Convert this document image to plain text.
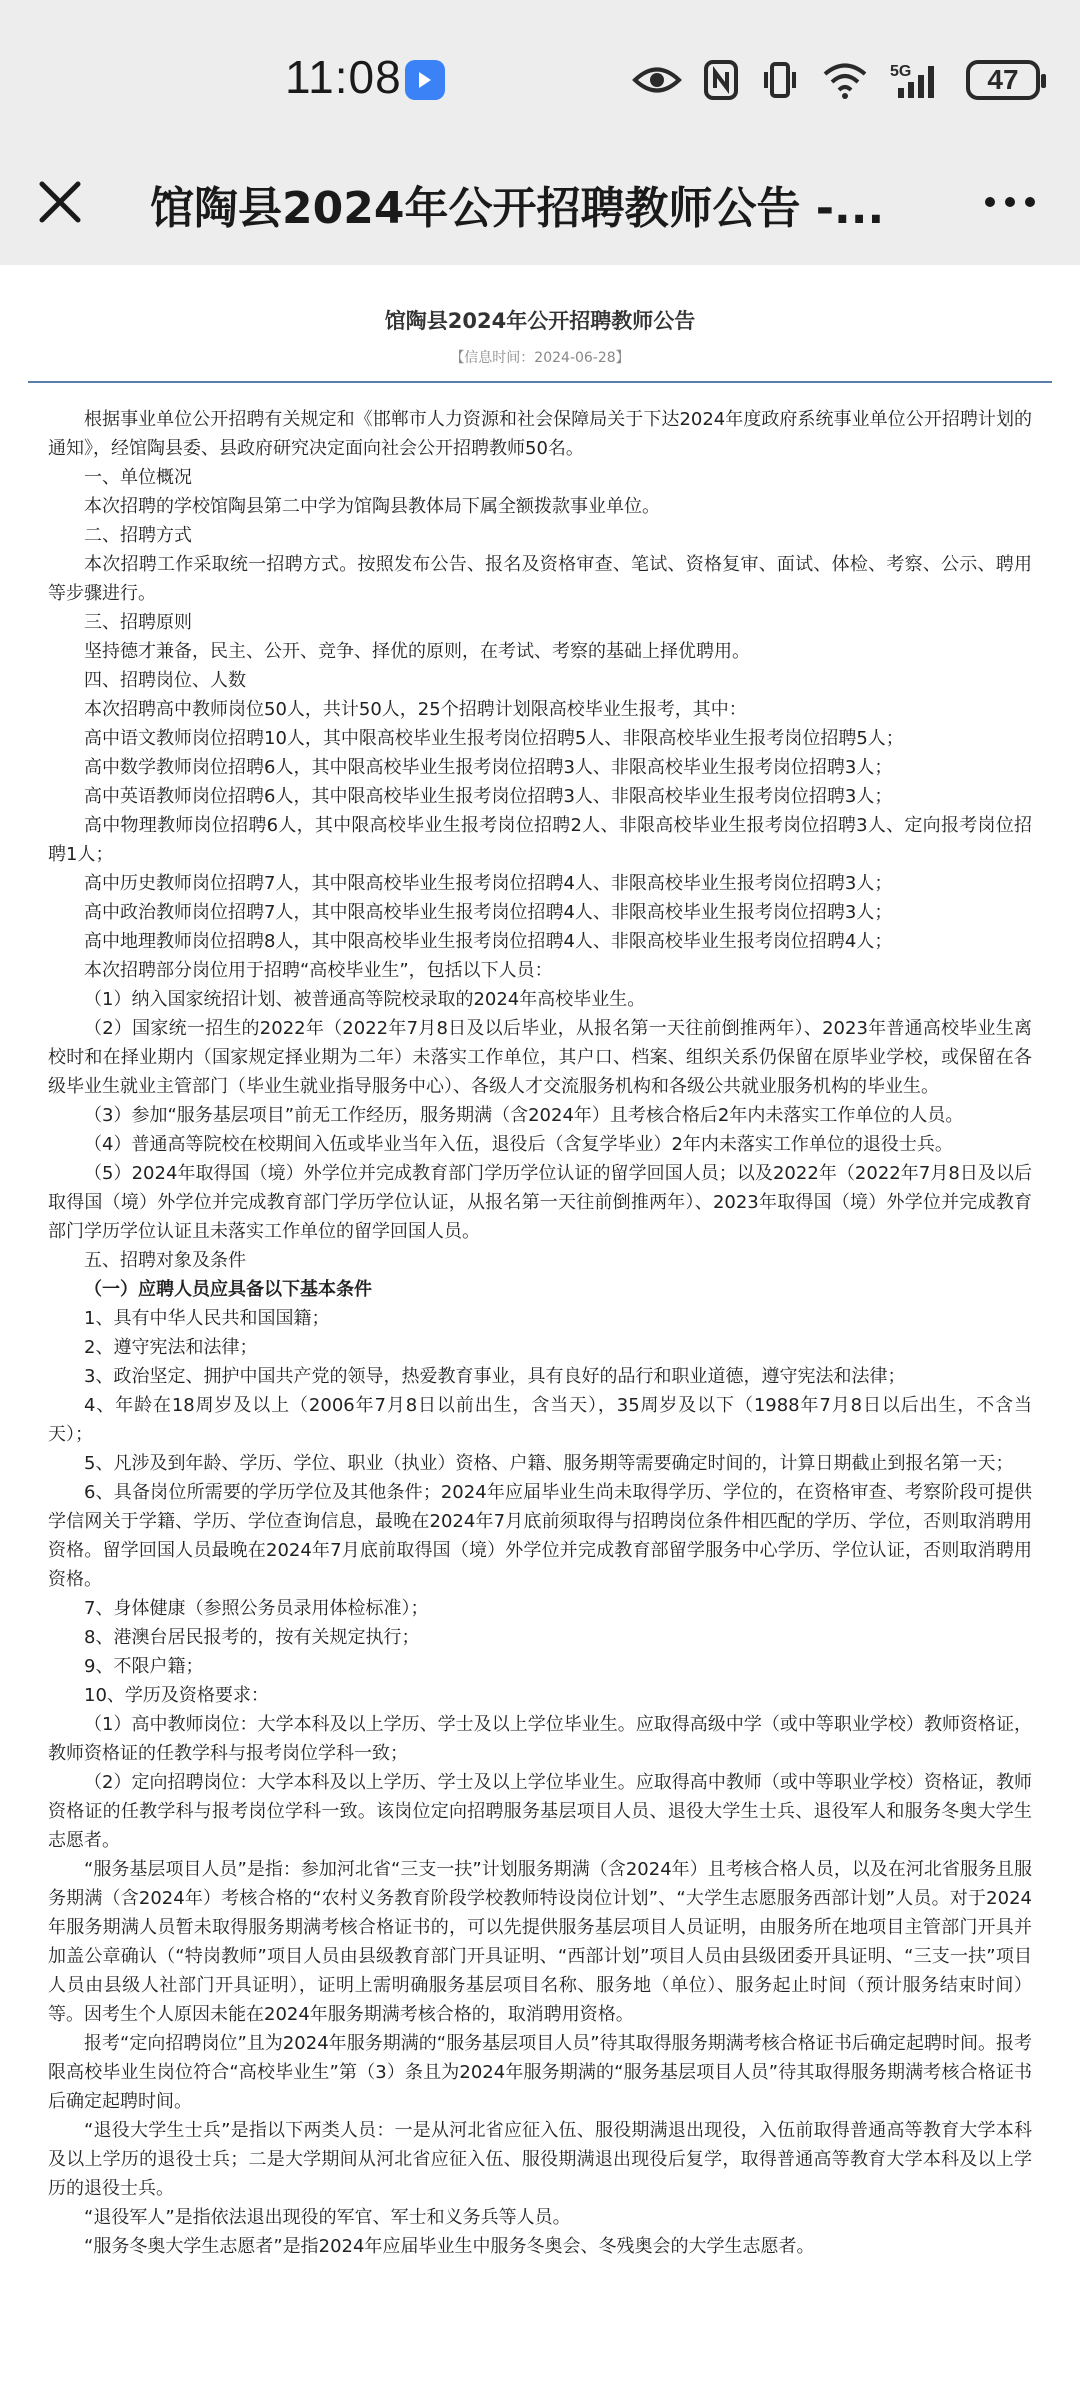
11:08	5G	47
馆陶县2024年公开招聘教师公告 -...
馆陶县2024年公开招聘教师公告
【信息时间：2024-06-28】

根据事业单位公开招聘有关规定和《邯郸市人力资源和社会保障局关于下达2024年度政府系统事业单位公开招聘计划的通知》，经馆陶县委、县政府研究决定面向社会公开招聘教师50名。

一、单位概况

本次招聘的学校馆陶县第二中学为馆陶县教体局下属全额拨款事业单位。

二、招聘方式

本次招聘工作采取统一招聘方式。按照发布公告、报名及资格审查、笔试、资格复审、面试、体检、考察、公示、聘用等步骤进行。

三、招聘原则

坚持德才兼备，民主、公开、竞争、择优的原则，在考试、考察的基础上择优聘用。

四、招聘岗位、人数

本次招聘高中教师岗位50人，共计50人，25个招聘计划限高校毕业生报考，其中：

高中语文教师岗位招聘10人，其中限高校毕业生报考岗位招聘5人、非限高校毕业生报考岗位招聘5人；

高中数学教师岗位招聘6人，其中限高校毕业生报考岗位招聘3人、非限高校毕业生报考岗位招聘3人；

高中英语教师岗位招聘6人，其中限高校毕业生报考岗位招聘3人、非限高校毕业生报考岗位招聘3人；

高中物理教师岗位招聘6人，其中限高校毕业生报考岗位招聘2人、非限高校毕业生报考岗位招聘3人、定向报考岗位招聘1人；

高中历史教师岗位招聘7人，其中限高校毕业生报考岗位招聘4人、非限高校毕业生报考岗位招聘3人；

高中政治教师岗位招聘7人，其中限高校毕业生报考岗位招聘4人、非限高校毕业生报考岗位招聘3人；

高中地理教师岗位招聘8人，其中限高校毕业生报考岗位招聘4人、非限高校毕业生报考岗位招聘4人；

本次招聘部分岗位用于招聘“高校毕业生”，包括以下人员：

（1）纳入国家统招计划、被普通高等院校录取的2024年高校毕业生。

（2）国家统一招生的2022年（2022年7月8日及以后毕业，从报名第一天往前倒推两年）、2023年普通高校毕业生离校时和在择业期内（国家规定择业期为二年）未落实工作单位，其户口、档案、组织关系仍保留在原毕业学校，或保留在各级毕业生就业主管部门（毕业生就业指导服务中心）、各级人才交流服务机构和各级公共就业服务机构的毕业生。

（3）参加“服务基层项目”前无工作经历，服务期满（含2024年）且考核合格后2年内未落实工作单位的人员。

（4）普通高等院校在校期间入伍或毕业当年入伍，退役后（含复学毕业）2年内未落实工作单位的退役士兵。

（5）2024年取得国（境）外学位并完成教育部门学历学位认证的留学回国人员；以及2022年（2022年7月8日及以后取得国（境）外学位并完成教育部门学历学位认证，从报名第一天往前倒推两年）、2023年取得国（境）外学位并完成教育部门学历学位认证且未落实工作单位的留学回国人员。

五、招聘对象及条件

（一）应聘人员应具备以下基本条件

1、具有中华人民共和国国籍；

2、遵守宪法和法律；

3、政治坚定、拥护中国共产党的领导，热爱教育事业，具有良好的品行和职业道德，遵守宪法和法律；

4、年龄在18周岁及以上（2006年7月8日以前出生，含当天），35周岁及以下（1988年7月8日以后出生，不含当天）；

5、凡涉及到年龄、学历、学位、职业（执业）资格、户籍、服务期等需要确定时间的，计算日期截止到报名第一天；

6、具备岗位所需要的学历学位及其他条件；2024年应届毕业生尚未取得学历、学位的，在资格审查、考察阶段可提供学信网关于学籍、学历、学位查询信息，最晚在2024年7月底前须取得与招聘岗位条件相匹配的学历、学位，否则取消聘用资格。留学回国人员最晚在2024年7月底前取得国（境）外学位并完成教育部留学服务中心学历、学位认证，否则取消聘用资格。

7、身体健康（参照公务员录用体检标准）；

8、港澳台居民报考的，按有关规定执行；

9、不限户籍；

10、学历及资格要求：

（1）高中教师岗位：大学本科及以上学历、学士及以上学位毕业生。应取得高级中学（或中等职业学校）教师资格证，教师资格证的任教学科与报考岗位学科一致；

（2）定向招聘岗位：大学本科及以上学历、学士及以上学位毕业生。应取得高中教师（或中等职业学校）资格证，教师资格证的任教学科与报考岗位学科一致。该岗位定向招聘服务基层项目人员、退役大学生士兵、退役军人和服务冬奥大学生志愿者。

“服务基层项目人员”是指：参加河北省“三支一扶”计划服务期满（含2024年）且考核合格人员，以及在河北省服务且服务期满（含2024年）考核合格的“农村义务教育阶段学校教师特设岗位计划”、“大学生志愿服务西部计划”人员。对于2024年服务期满人员暂未取得服务期满考核合格证书的，可以先提供服务基层项目人员证明，由服务所在地项目主管部门开具并加盖公章确认（“特岗教师”项目人员由县级教育部门开具证明、“西部计划”项目人员由县级团委开具证明、“三支一扶”项目人员由县级人社部门开具证明），证明上需明确服务基层项目名称、服务地（单位）、服务起止时间（预计服务结束时间）等。因考生个人原因未能在2024年服务期满考核合格的，取消聘用资格。

报考“定向招聘岗位”且为2024年服务期满的“服务基层项目人员”待其取得服务期满考核合格证书后确定起聘时间。报考限高校毕业生岗位符合“高校毕业生”第（3）条且为2024年服务期满的“服务基层项目人员”待其取得服务期满考核合格证书后确定起聘时间。

“退役大学生士兵”是指以下两类人员：一是从河北省应征入伍、服役期满退出现役，入伍前取得普通高等教育大学本科及以上学历的退役士兵；二是大学期间从河北省应征入伍、服役期满退出现役后复学，取得普通高等教育大学本科及以上学历的退役士兵。

“退役军人”是指依法退出现役的军官、军士和义务兵等人员。

“服务冬奥大学生志愿者”是指2024年应届毕业生中服务冬奥会、冬残奥会的大学生志愿者。
